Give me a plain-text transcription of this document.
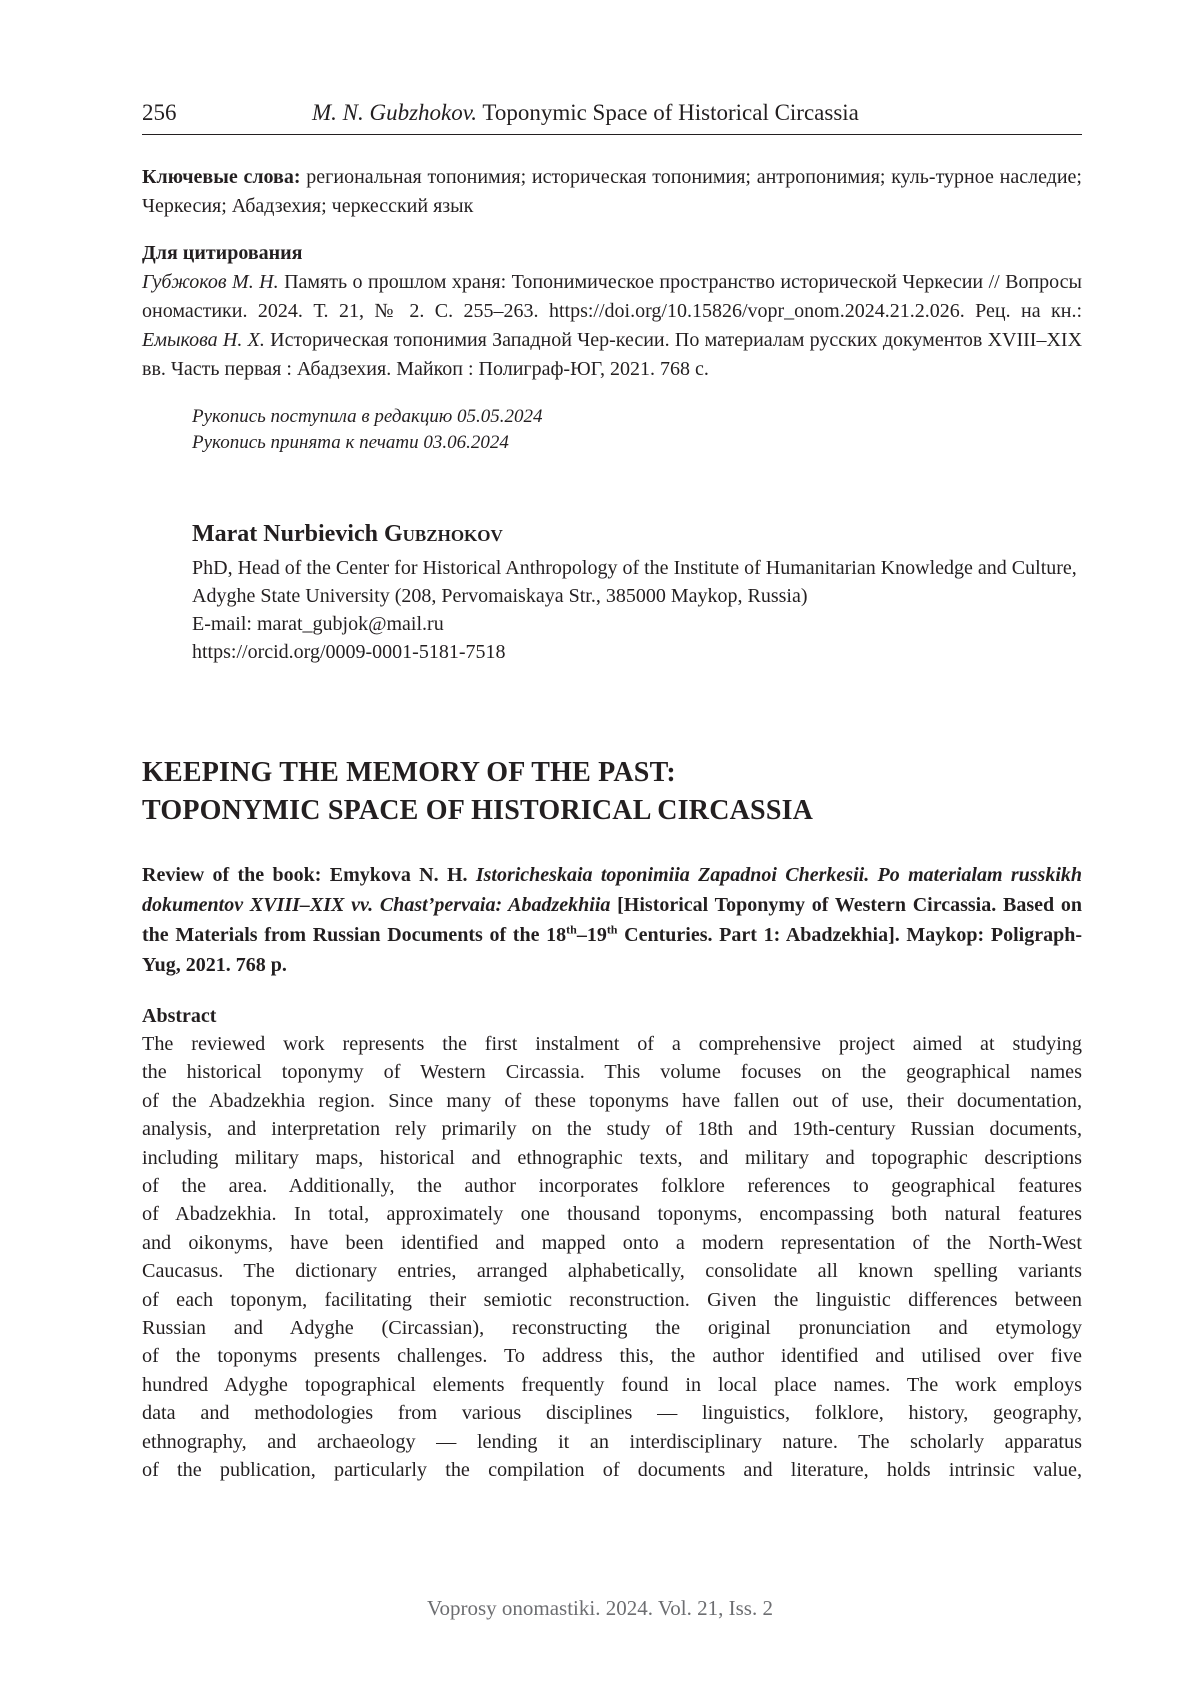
256	M. N. Gubzhokov. Toponymic Space of Historical Circassia
Ключевые слова: региональная топонимия; историческая топонимия; антропонимия; куль-турное наследие; Черкесия; Абадзехия; черкесский язык
Для цитирования
Губжоков М. Н. Память о прошлом храня: Топонимическое пространство исторической Черкесии // Вопросы ономастики. 2024. Т. 21, № 2. С. 255–263. https://doi.org/10.15826/vopr_onom.2024.21.2.026. Рец. на кн.: Емыкова Н. Х. Историческая топонимия Западной Чер-кесии. По материалам русских документов XVIII–XIX вв. Часть первая : Абадзехия. Майкоп : Полиграф-ЮГ, 2021. 768 с.
Рукопись поступила в редакцию 05.05.2024
Рукопись принята к печати 03.06.2024
Marat Nurbievich Gubzhokov
PhD, Head of the Center for Historical Anthropology of the Institute of Humanitarian Knowledge and Culture, Adyghe State University (208, Pervomaiskaya Str., 385000 Maykop, Russia)
E-mail: marat_gubjok@mail.ru
https://orcid.org/0009-0001-5181-7518
KEEPING THE MEMORY OF THE PAST:
TOPONYMIC SPACE OF HISTORICAL CIRCASSIA
Review of the book: Emykova N. H. Istoricheskaia toponimiia Zapadnoi Cherkesii. Po materialam russkikh dokumentov XVIII–XIX vv. Chast’pervaia: Abadzekhiia [Historical Toponymy of Western Circassia. Based on the Materials from Russian Documents of the 18th–19th Centuries. Part 1: Abadzekhia]. Maykop: Poligraph-Yug, 2021. 768 p.
Abstract
The reviewed work represents the first instalment of a comprehensive project aimed at studying
the historical toponymy of Western Circassia. This volume focuses on the geographical names
of the Abadzekhia region. Since many of these toponyms have fallen out of use, their documentation,
analysis, and interpretation rely primarily on the study of 18th and 19th-century Russian documents,
including military maps, historical and ethnographic texts, and military and topographic descriptions
of the area. Additionally, the author incorporates folklore references to geographical features
of Abadzekhia. In total, approximately one thousand toponyms, encompassing both natural features
and oikonyms, have been identified and mapped onto a modern representation of the North-West
Caucasus. The dictionary entries, arranged alphabetically, consolidate all known spelling variants
of each toponym, facilitating their semiotic reconstruction. Given the linguistic differences between
Russian and Adyghe (Circassian), reconstructing the original pronunciation and etymology
of the toponyms presents challenges. To address this, the author identified and utilised over five
hundred Adyghe topographical elements frequently found in local place names. The work employs
data and methodologies from various disciplines — linguistics, folklore, history, geography,
ethnography, and archaeology — lending it an interdisciplinary nature. The scholarly apparatus
of the publication, particularly the compilation of documents and literature, holds intrinsic value,
Voprosy onomastiki. 2024. Vol. 21, Iss. 2
